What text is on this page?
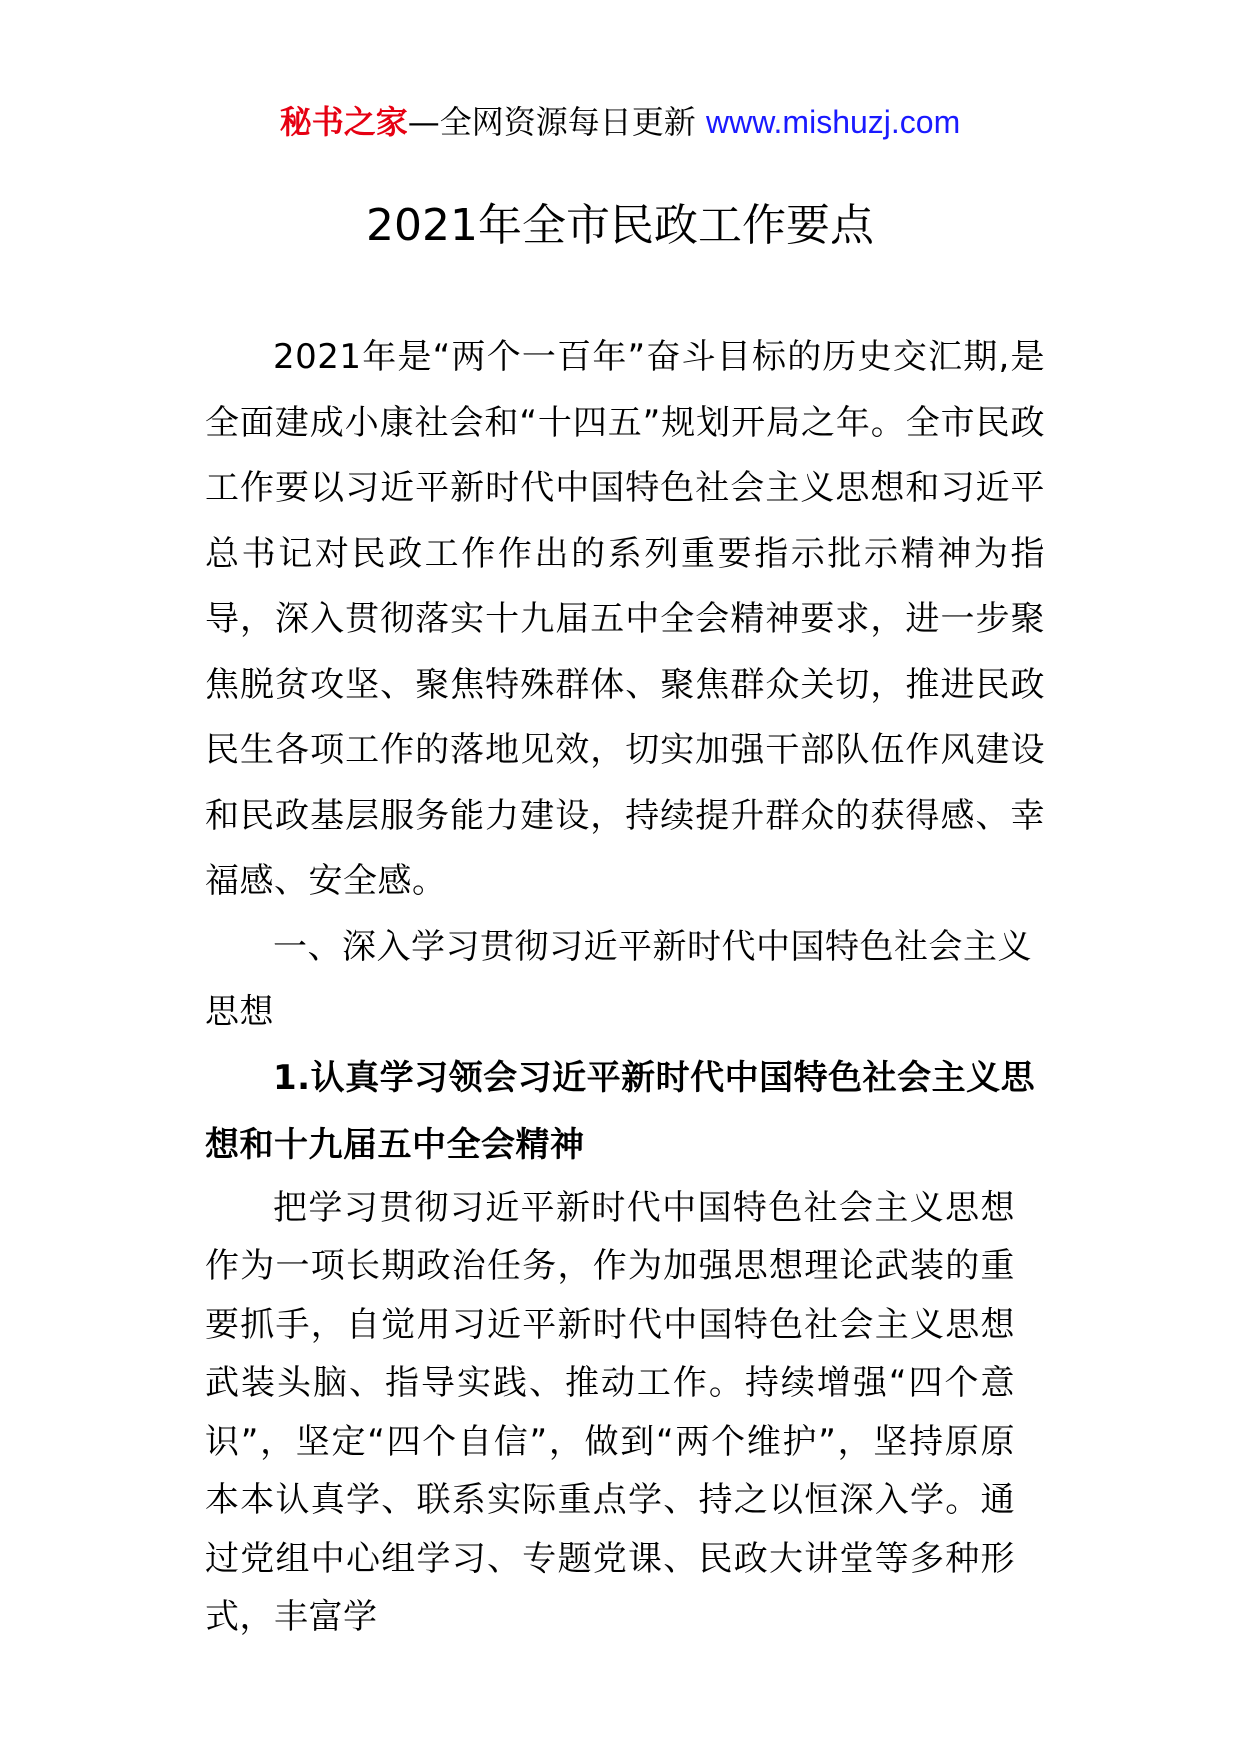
秘书之家—全网资源每日更新 www.mishuzj.com
2021年全市民政工作要点

2021年是“两个一百年”奋斗目标的历史交汇期,是全面建成小康社会和“十四五”规划开局之年。全市民政工作要以习近平新时代中国特色社会主义思想和习近平总书记对民政工作作出的系列重要指示批示精神为指导，深入贯彻落实十九届五中全会精神要求，进一步聚焦脱贫攻坚、聚焦特殊群体、聚焦群众关切，推进民政民生各项工作的落地见效，切实加强干部队伍作风建设和民政基层服务能力建设，持续提升群众的获得感、幸福感、安全感。

一、深入学习贯彻习近平新时代中国特色社会主义思想

1.认真学习领会习近平新时代中国特色社会主义思想和十九届五中全会精神

把学习贯彻习近平新时代中国特色社会主义思想作为一项长期政治任务，作为加强思想理论武装的重要抓手，自觉用习近平新时代中国特色社会主义思想武装头脑、指导实践、推动工作。持续增强“四个意识”，坚定“四个自信”，做到“两个维护”，坚持原原本本认真学、联系实际重点学、持之以恒深入学。通过党组中心组学习、专题党课、民政大讲堂等多种形式，丰富学
